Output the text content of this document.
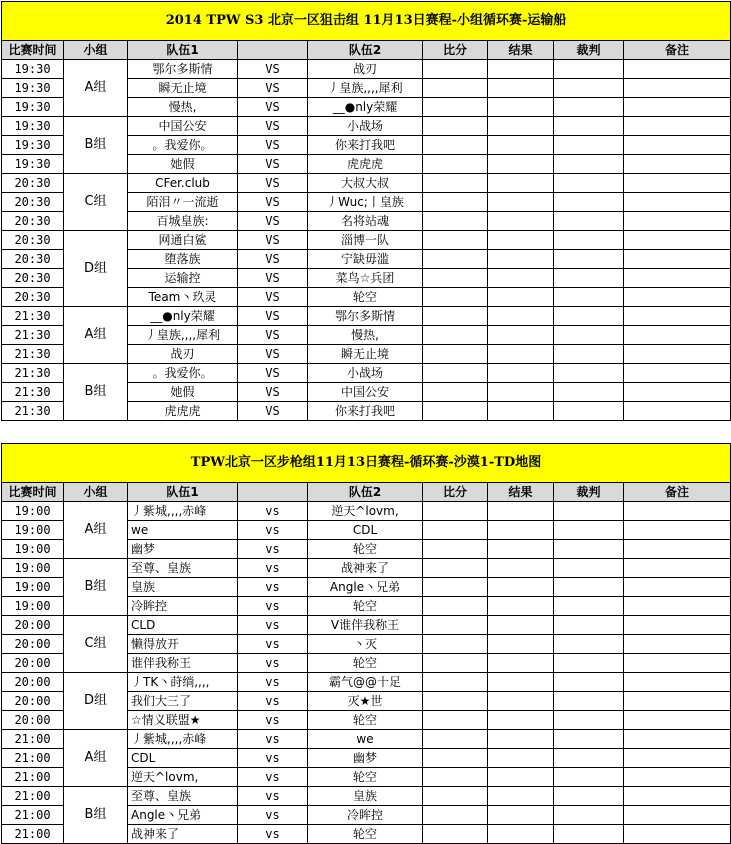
2014 TPW S3 北京一区狙击组 11月13日赛程-小组循环赛-运输船								
比赛时间	小组	队伍1		队伍2	比分	结果	裁判	备注
19:30	A组	鄂尔多斯情	VS	战刃				
19:30		瞬无止境	VS	丿皇族,,,,犀利				
19:30		慢热,	VS	__●nly荣耀				
19:30	B组	中国公安	VS	小战场				
19:30		。我爱你。	VS	你来打我吧				
19:30		她假	VS	虎虎虎				
20:30	C组	CFer.club	VS	大叔大叔				
20:30		陌泪〃一流逝	VS	丿Wuc;丨皇族				
20:30		百城皇族:	VS	名将站魂				
20:30	D组	网通白鲨	VS	淄博一队				
20:30		堕落族	VS	宁缺毋滥				
20:30		运输控	VS	菜鸟☆兵团				
20:30		Team丶玖灵	VS	轮空				
21:30	A组	__●nly荣耀	VS	鄂尔多斯情				
21:30		丿皇族,,,,犀利	VS	慢热,				
21:30		战刃	VS	瞬无止境				
21:30	B组	。我爱你。	VS	小战场				
21:30		她假	VS	中国公安				
21:30		虎虎虎	VS	你来打我吧				
TPW北京一区步枪组11月13日赛程-循环赛-沙漠1-TD地图								
比赛时间	小组	队伍1		队伍2	比分	结果	裁判	备注
19:00	A组	丿紫城,,,,赤峰	vs	逆天^lovm,				
19:00		we	vs	CDL				
19:00		幽梦	vs	轮空				
19:00	B组	至尊、皇族	vs	战神来了				
19:00		皇族	vs	Angle丶兄弟				
19:00		冷眸控	vs	轮空				
20:00	C组	CLD	vs	V谁伴我称王				
20:00		懒得放开	vs	丶灭				
20:00		谁伴我称王	vs	轮空				
20:00	D组	丿TK丶莳绱,,,,	vs	霸气@@十足				
20:00		我们大三了	vs	灭★世				
20:00		☆情义联盟★	vs	轮空				
21:00	A组	丿紫城,,,,赤峰	vs	we				
21:00		CDL	vs	幽梦				
21:00		逆天^lovm,	vs	轮空				
21:00	B组	至尊、皇族	vs	皇族				
21:00		Angle丶兄弟	vs	冷眸控				
21:00		战神来了	vs	轮空				
